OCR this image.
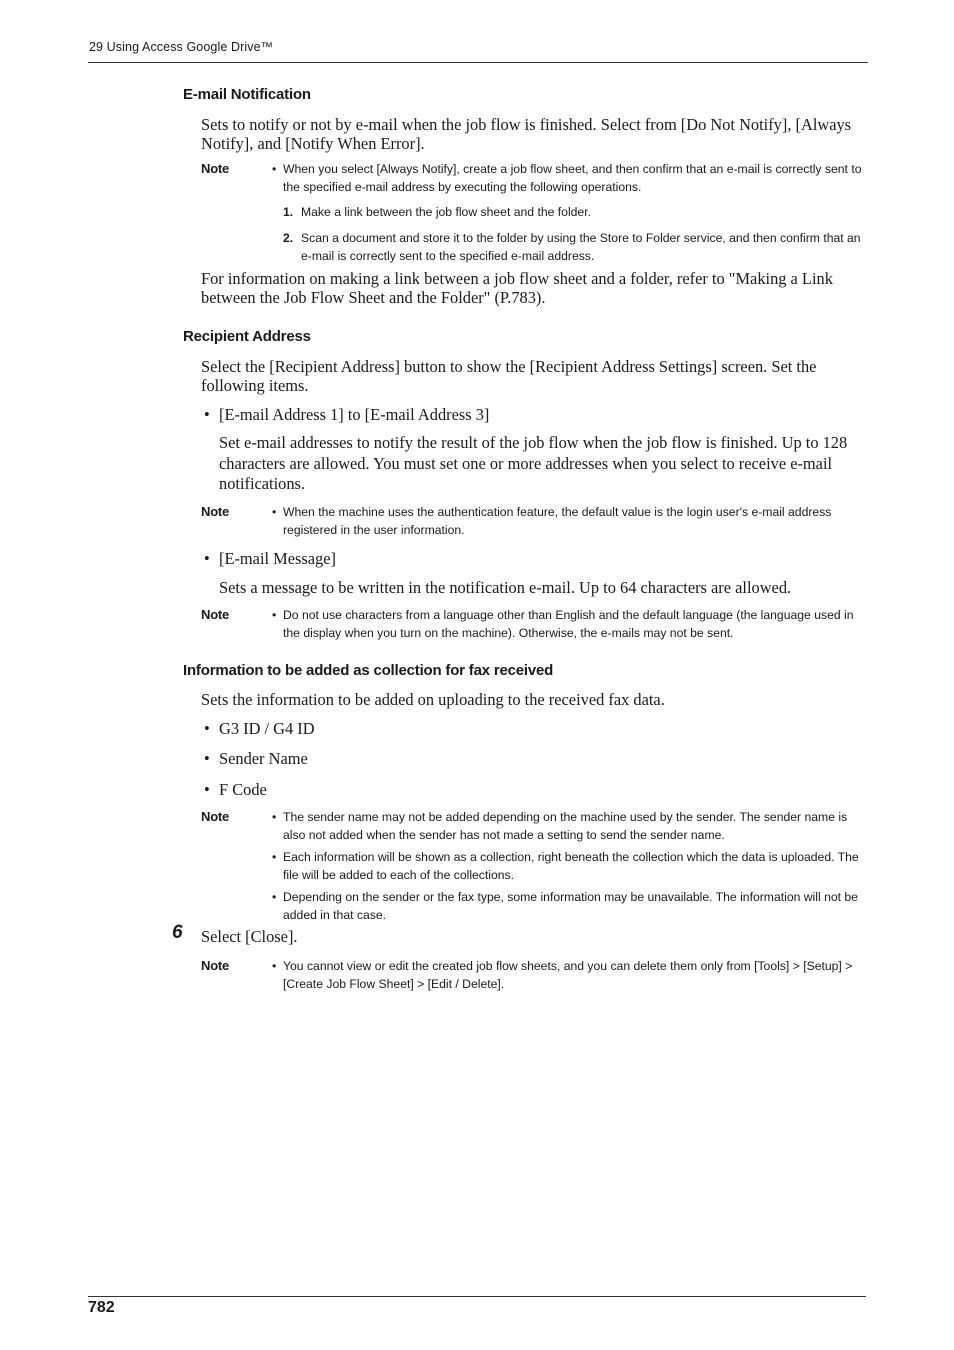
29 Using Access Google Drive™
E-mail Notification
Sets to notify or not by e-mail when the job flow is finished. Select from [Do Not Notify], [Always Notify], and [Notify When Error].
Note	• When you select [Always Notify], create a job flow sheet, and then confirm that an e-mail is correctly sent to the specified e-mail address by executing the following operations.
1. Make a link between the job flow sheet and the folder.
2. Scan a document and store it to the folder by using the Store to Folder service, and then confirm that an e-mail is correctly sent to the specified e-mail address.
For information on making a link between a job flow sheet and a folder, refer to "Making a Link between the Job Flow Sheet and the Folder" (P.783).
Recipient Address
Select the [Recipient Address] button to show the [Recipient Address Settings] screen. Set the following items.
• [E-mail Address 1] to [E-mail Address 3]
Set e-mail addresses to notify the result of the job flow when the job flow is finished. Up to 128 characters are allowed. You must set one or more addresses when you select to receive e-mail notifications.
Note	• When the machine uses the authentication feature, the default value is the login user's e-mail address registered in the user information.
• [E-mail Message]
Sets a message to be written in the notification e-mail. Up to 64 characters are allowed.
Note	• Do not use characters from a language other than English and the default language (the language used in the display when you turn on the machine). Otherwise, the e-mails may not be sent.
Information to be added as collection for fax received
Sets the information to be added on uploading to the received fax data.
• G3 ID / G4 ID
• Sender Name
• F Code
Note	• The sender name may not be added depending on the machine used by the sender. The sender name is also not added when the sender has not made a setting to send the sender name.
• Each information will be shown as a collection, right beneath the collection which the data is uploaded. The file will be added to each of the collections.
• Depending on the sender or the fax type, some information may be unavailable. The information will not be added in that case.
6 Select [Close].
Note	• You cannot view or edit the created job flow sheets, and you can delete them only from [Tools] > [Setup] > [Create Job Flow Sheet] > [Edit / Delete].
782
